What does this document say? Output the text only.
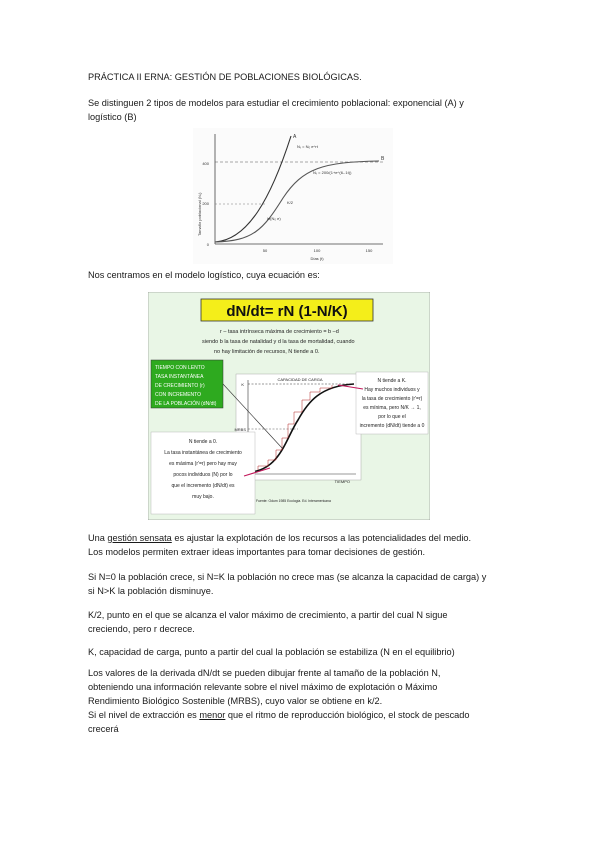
PRÁCTICA II ERNA: GESTIÓN DE POBLACIONES BIOLÓGICAS.

Se distinguen 2 tipos de modelos para estudiar el crecimiento poblacional: exponencial (A) y

logístico (B)

A
B
Nₜ = N₀ e^rt
Nₜ = 200/(1+e^(6-.1t))
K/2
ln(N₀ e)
Tamaño poblacional (Nₜ)
400
200
0
50	100	150
Días (t)

Nos centramos en el modelo logístico, cuya ecuación es:

dN/dt= rN (1-N/K)
r – tasa intrínseca máxima de crecimiento = b –d
siendo b la tasa de natalidad y d la tasa de mortalidad, cuando
no hay limitación de recursos, N tiende a 0.
TIEMPO CON LENTO
TASA INSTANTÁNEA
DE CRECIMIENTO (r)
CON INCREMENTO
DE LA POBLACIÓN (dN/dt)
CAPACIDAD DE CARGA
K
MRBS
Fuente: Odum 1985 Ecología. Ed. Interamericana
TIEMPO
N tiende a K.
Hay muchos individuos y
la tasa de crecimiento (r'=r)
es mínima, pero N/K → 1,
por lo que el
incremento (dN/dt) tiende a 0
N tiende a 0.
La tasa instantánea de crecimiento
es máxima (r'=r) pero hay muy
pocos individuos (N) por lo
que el incremento (dN/dt) es
muy bajo.

Una gestión sensata es ajustar la explotación de los recursos a las potencialidades del medio.

Los modelos permiten extraer ideas importantes para tomar decisiones de gestión.

Si N=0 la población crece, si N=K la población no crece mas (se alcanza la capacidad de carga) y

si N>K la población disminuye.

K/2, punto en el que se alcanza el valor máximo de crecimiento, a partir del cual N sigue

creciendo, pero r decrece.

K, capacidad de carga, punto a partir del cual la población se estabiliza (N en el equilibrio)

Los valores de la derivada dN/dt se pueden dibujar frente al tamaño de la población N,

obteniendo una información relevante sobre el nivel máximo de explotación o Máximo

Rendimiento Biológico Sostenible (MRBS), cuyo valor se obtiene en k/2.

Si el nivel de extracción es menor que el ritmo de reproducción biológico, el stock de pescado

crecerá
